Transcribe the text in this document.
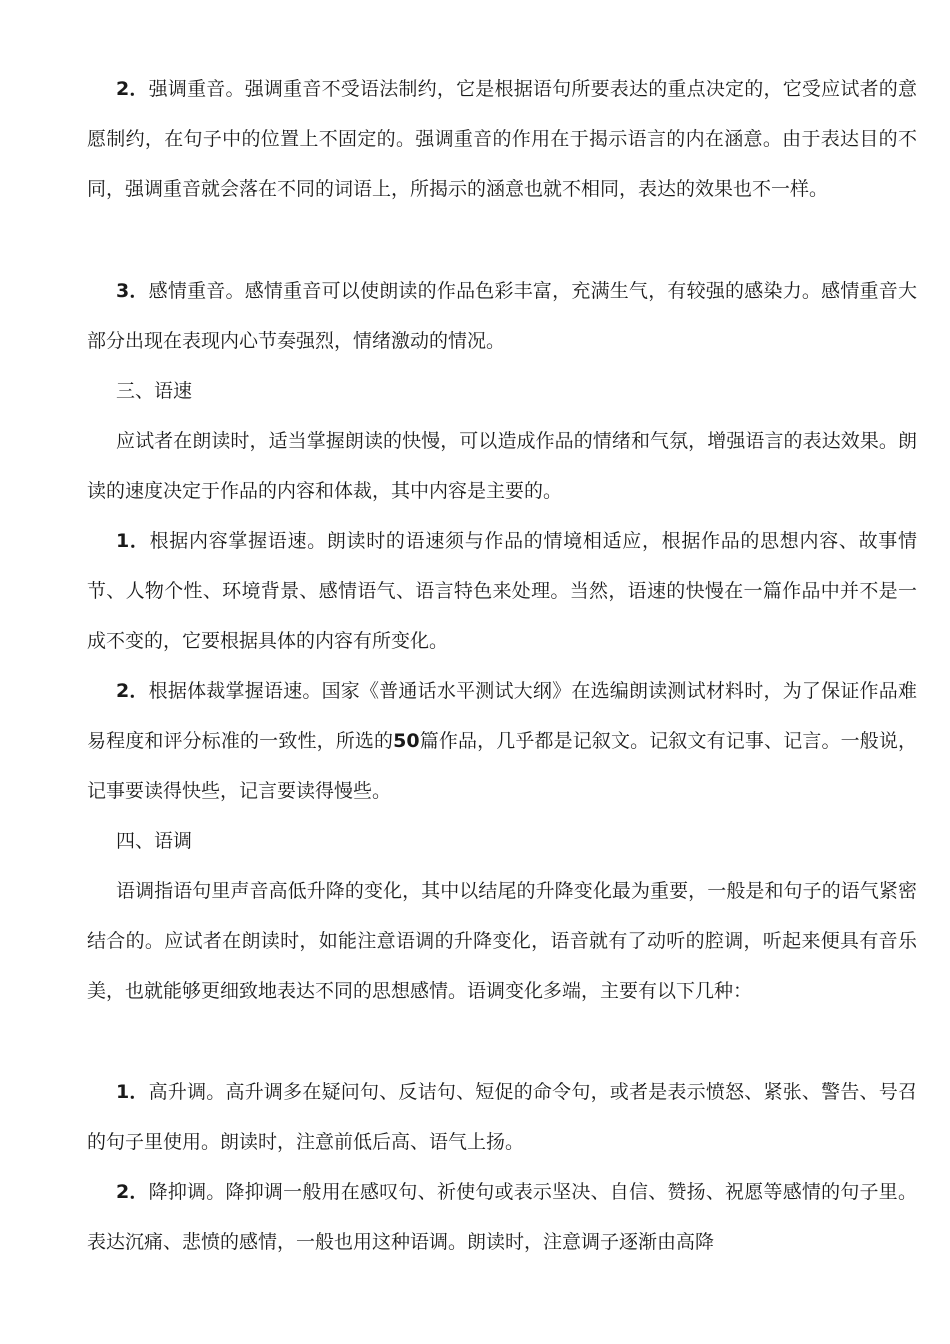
2．强调重音。强调重音不受语法制约，它是根据语句所要表达的重点决定的，它受应试者的意愿制约，在句子中的位置上不固定的。强调重音的作用在于揭示语言的内在涵意。由于表达目的不同，强调重音就会落在不同的词语上，所揭示的涵意也就不相同，表达的效果也不一样。

3．感情重音。感情重音可以使朗读的作品色彩丰富，充满生气，有较强的感染力。感情重音大部分出现在表现内心节奏强烈，情绪激动的情况。

三、语速

应试者在朗读时，适当掌握朗读的快慢，可以造成作品的情绪和气氛，增强语言的表达效果。朗读的速度决定于作品的内容和体裁，其中内容是主要的。

1．根据内容掌握语速。朗读时的语速须与作品的情境相适应，根据作品的思想内容、故事情节、人物个性、环境背景、感情语气、语言特色来处理。当然，语速的快慢在一篇作品中并不是一成不变的，它要根据具体的内容有所变化。

2．根据体裁掌握语速。国家《普通话水平测试大纲》在选编朗读测试材料时，为了保证作品难易程度和评分标准的一致性，所选的50篇作品，几乎都是记叙文。记叙文有记事、记言。一般说，记事要读得快些，记言要读得慢些。

四、语调

语调指语句里声音高低升降的变化，其中以结尾的升降变化最为重要，一般是和句子的语气紧密结合的。应试者在朗读时，如能注意语调的升降变化，语音就有了动听的腔调，听起来便具有音乐美，也就能够更细致地表达不同的思想感情。语调变化多端，主要有以下几种：

1．高升调。高升调多在疑问句、反诘句、短促的命令句，或者是表示愤怒、紧张、警告、号召的句子里使用。朗读时，注意前低后高、语气上扬。

2．降抑调。降抑调一般用在感叹句、祈使句或表示坚决、自信、赞扬、祝愿等感情的句子里。表达沉痛、悲愤的感情，一般也用这种语调。朗读时，注意调子逐渐由高降
